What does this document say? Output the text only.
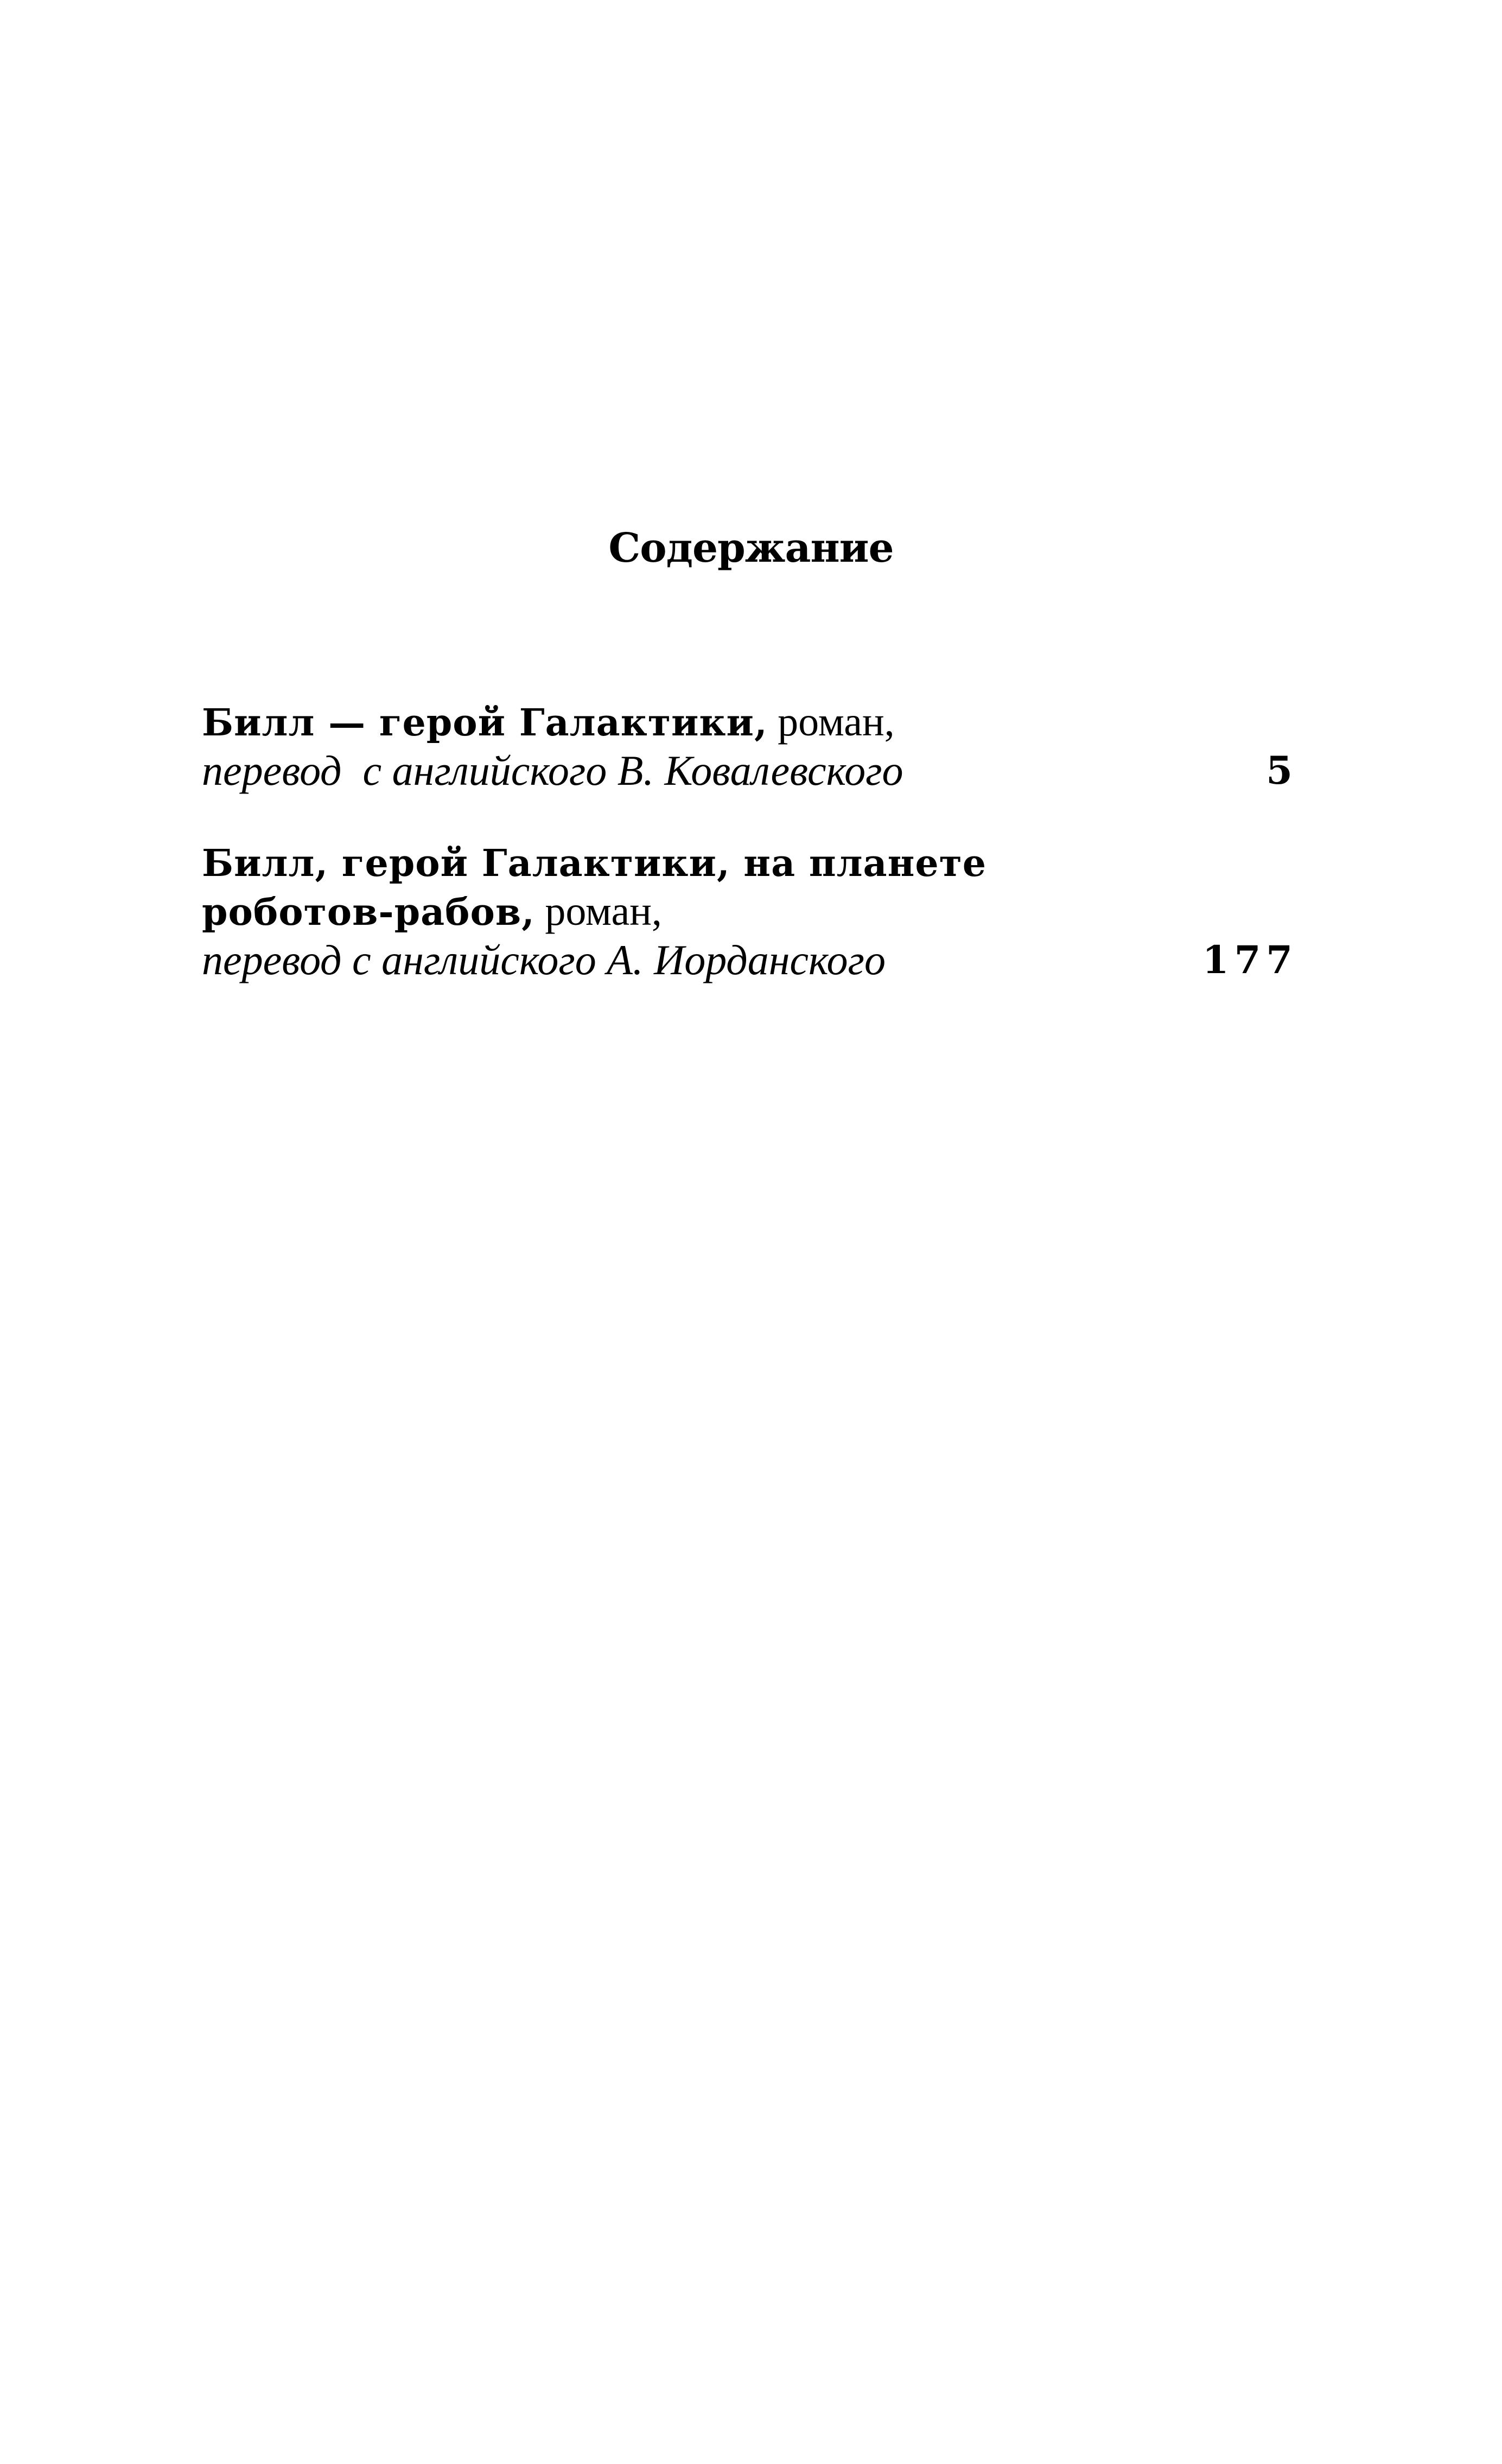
Содержание
Билл — герой Галактики, роман,
перевод  с английского В. Ковалевского	5
Билл, герой Галактики, на планете
роботов-рабов, роман,
перевод с английского А. Иорданского	177
